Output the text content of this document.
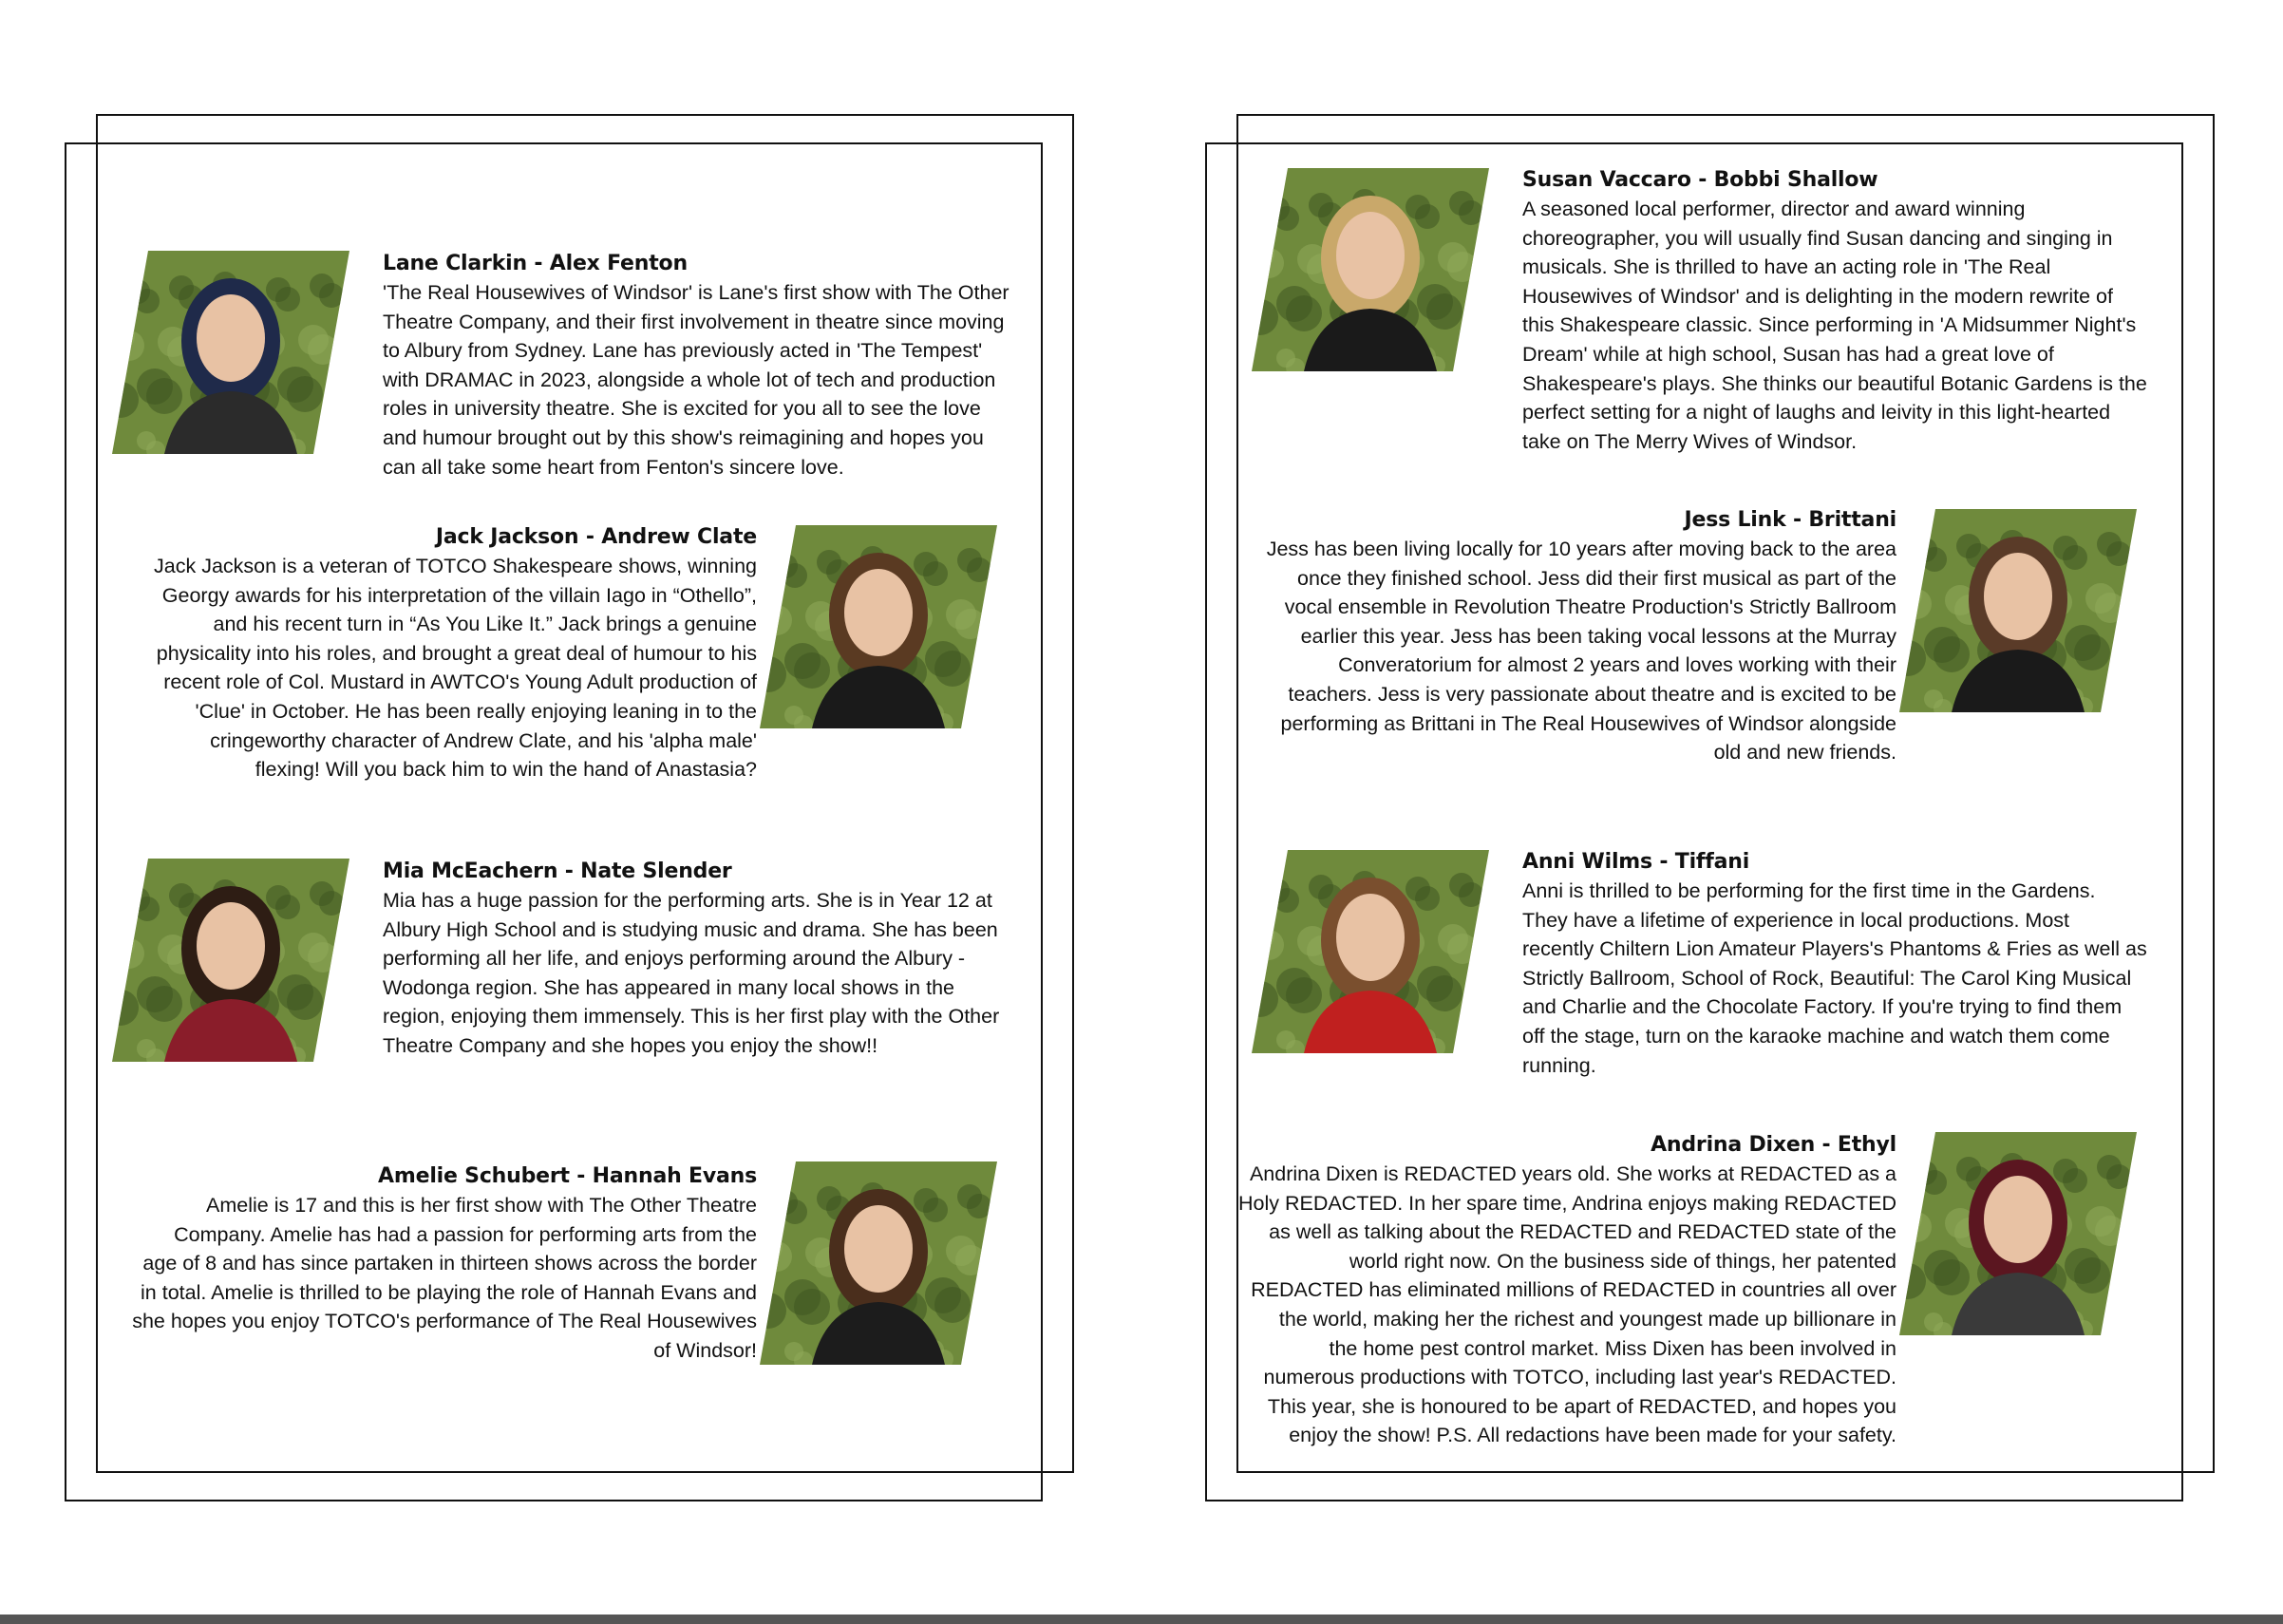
Lane Clarkin - Alex Fenton

'The Real Housewives of Windsor' is Lane's first show with The Other
Theatre Company, and their first involvement in theatre since moving
to Albury from Sydney. Lane has previously acted in 'The Tempest'
with DRAMAC in 2023, alongside a whole lot of tech and production
roles in university theatre. She is excited for you all to see the love
and humour brought out by this show's reimagining and hopes you
can all take some heart from Fenton's sincere love.

Jack Jackson - Andrew Clate

Jack Jackson is a veteran of TOTCO Shakespeare shows, winning
Georgy awards for his interpretation of the villain Iago in “Othello”,
and his recent turn in “As You Like It.” Jack brings a genuine
physicality into his roles, and brought a great deal of humour to his
recent role of Col. Mustard in AWTCO's Young Adult production of
'Clue' in October. He has been really enjoying leaning in to the
cringeworthy character of Andrew Clate, and his 'alpha male'
flexing! Will you back him to win the hand of Anastasia?

Mia McEachern - Nate Slender

Mia has a huge passion for the performing arts. She is in Year 12 at
Albury High School and is studying music and drama. She has been
performing all her life, and enjoys performing around the Albury -
Wodonga region. She has appeared in many local shows in the
region, enjoying them immensely. This is her first play with the Other
Theatre Company and she hopes you enjoy the show!!

Amelie Schubert - Hannah Evans

Amelie is 17 and this is her first show with The Other Theatre
Company. Amelie has had a passion for performing arts from the
age of 8 and has since partaken in thirteen shows across the border
in total. Amelie is thrilled to be playing the role of Hannah Evans and
she hopes you enjoy TOTCO's performance of The Real Housewives
of Windsor!

Susan Vaccaro - Bobbi Shallow

A seasoned local performer, director and award winning
choreographer, you will usually find Susan dancing and singing in
musicals. She is thrilled to have an acting role in 'The Real
Housewives of Windsor' and is delighting in the modern rewrite of
this Shakespeare classic. Since performing in 'A Midsummer Night's
Dream' while at high school, Susan has had a great love of
Shakespeare's plays. She thinks our beautiful Botanic Gardens is the
perfect setting for a night of laughs and leivity in this light-hearted
take on The Merry Wives of Windsor.

Jess Link - Brittani

Jess has been living locally for 10 years after moving back to the area
once they finished school. Jess did their first musical as part of the
vocal ensemble in Revolution Theatre Production's Strictly Ballroom
earlier this year. Jess has been taking vocal lessons at the Murray
Converatorium for almost 2 years and loves working with their
teachers. Jess is very passionate about theatre and is excited to be
performing as Brittani in The Real Housewives of Windsor alongside
old and new friends.

Anni Wilms - Tiffani

Anni is thrilled to be performing for the first time in the Gardens.
They have a lifetime of experience in local productions. Most
recently Chiltern Lion Amateur Players's Phantoms & Fries as well as
Strictly Ballroom, School of Rock, Beautiful: The Carol King Musical
and Charlie and the Chocolate Factory. If you're trying to find them
off the stage, turn on the karaoke machine and watch them come
running.

Andrina Dixen - Ethyl

Andrina Dixen is REDACTED years old. She works at REDACTED as a
Holy REDACTED. In her spare time, Andrina enjoys making REDACTED
as well as talking about the REDACTED and REDACTED state of the
world right now. On the business side of things, her patented
REDACTED has eliminated millions of REDACTED in countries all over
the world, making her the richest and youngest made up billionare in
the home pest control market. Miss Dixen has been involved in
numerous productions with TOTCO, including last year's REDACTED.
This year, she is honoured to be apart of REDACTED, and hopes you
enjoy the show! P.S. All redactions have been made for your safety.
